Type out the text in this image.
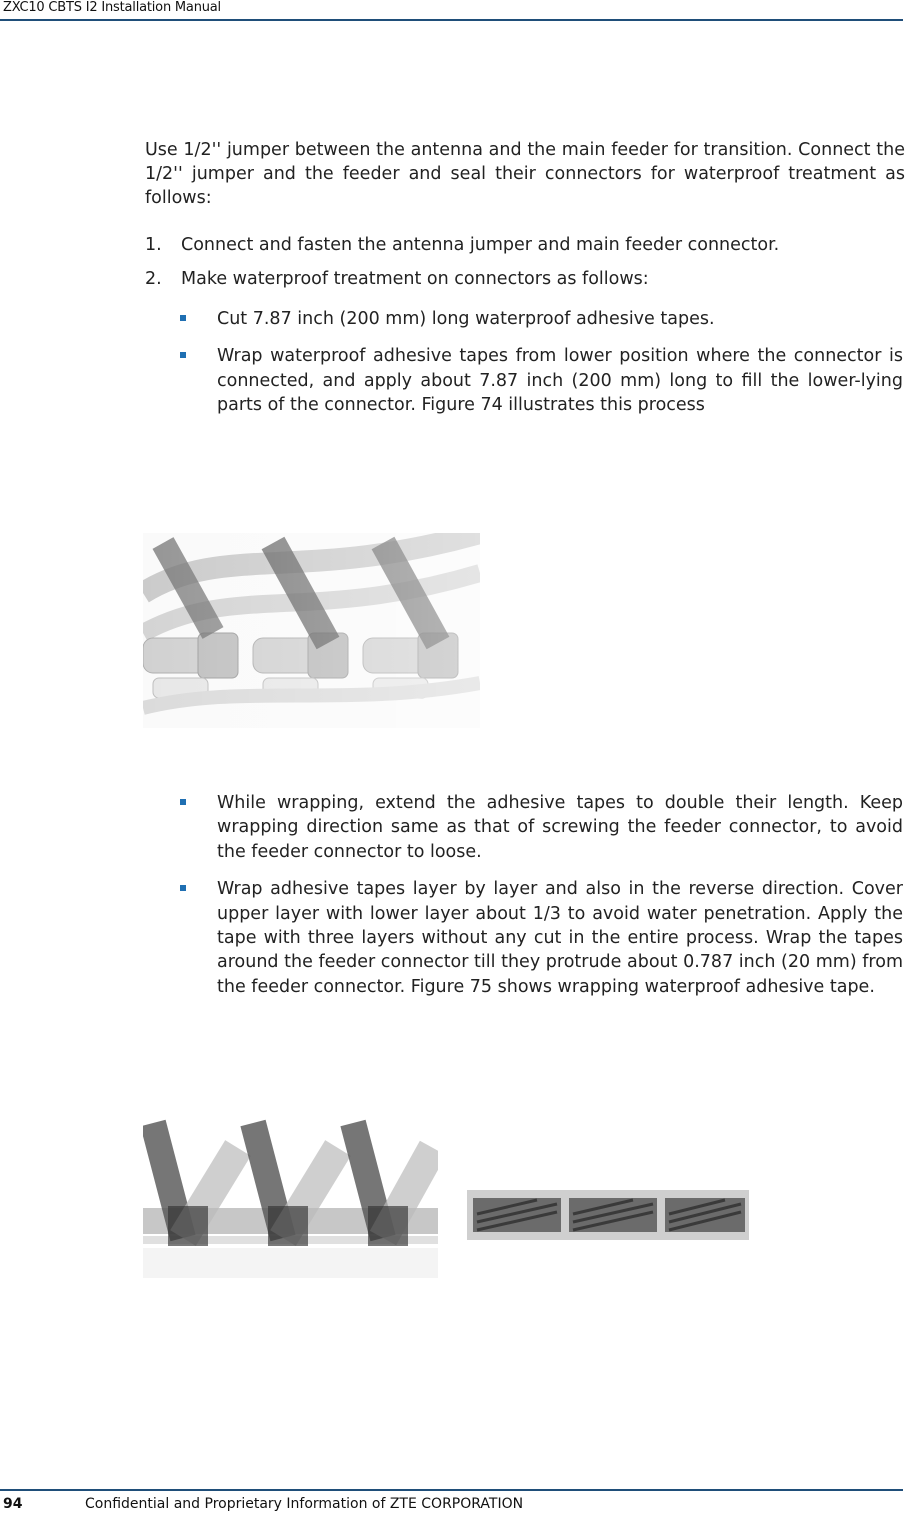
ZXC10 CBTS I2 Installation Manual

Use 1/2'' jumper between the antenna and the main feeder for transition. Connect the 1/2'' jumper and the feeder and seal their connectors for waterproof treatment as follows:

1.	Connect and fasten the antenna jumper and main feeder connector.
2.	Make waterproof treatment on connectors as follows:
Cut 7.87 inch (200 mm) long waterproof adhesive tapes.
Wrap waterproof adhesive tapes from lower position where the connector is connected, and apply about 7.87 inch (200 mm) long to fill the lower-lying parts of the connector. Figure 74 illustrates this process
While wrapping, extend the adhesive tapes to double their length. Keep wrapping direction same as that of screwing the feeder connector, to avoid the feeder connector to loose.
Wrap adhesive tapes layer by layer and also in the reverse direction. Cover upper layer with lower layer about 1/3 to avoid water penetration. Apply the tape with three layers without any cut in the entire process. Wrap the tapes around the feeder connector till they protrude about 0.787 inch (20 mm) from the feeder connector. Figure 75 shows wrapping waterproof adhesive tape.
94	Confidential and Proprietary Information of ZTE CORPORATION
